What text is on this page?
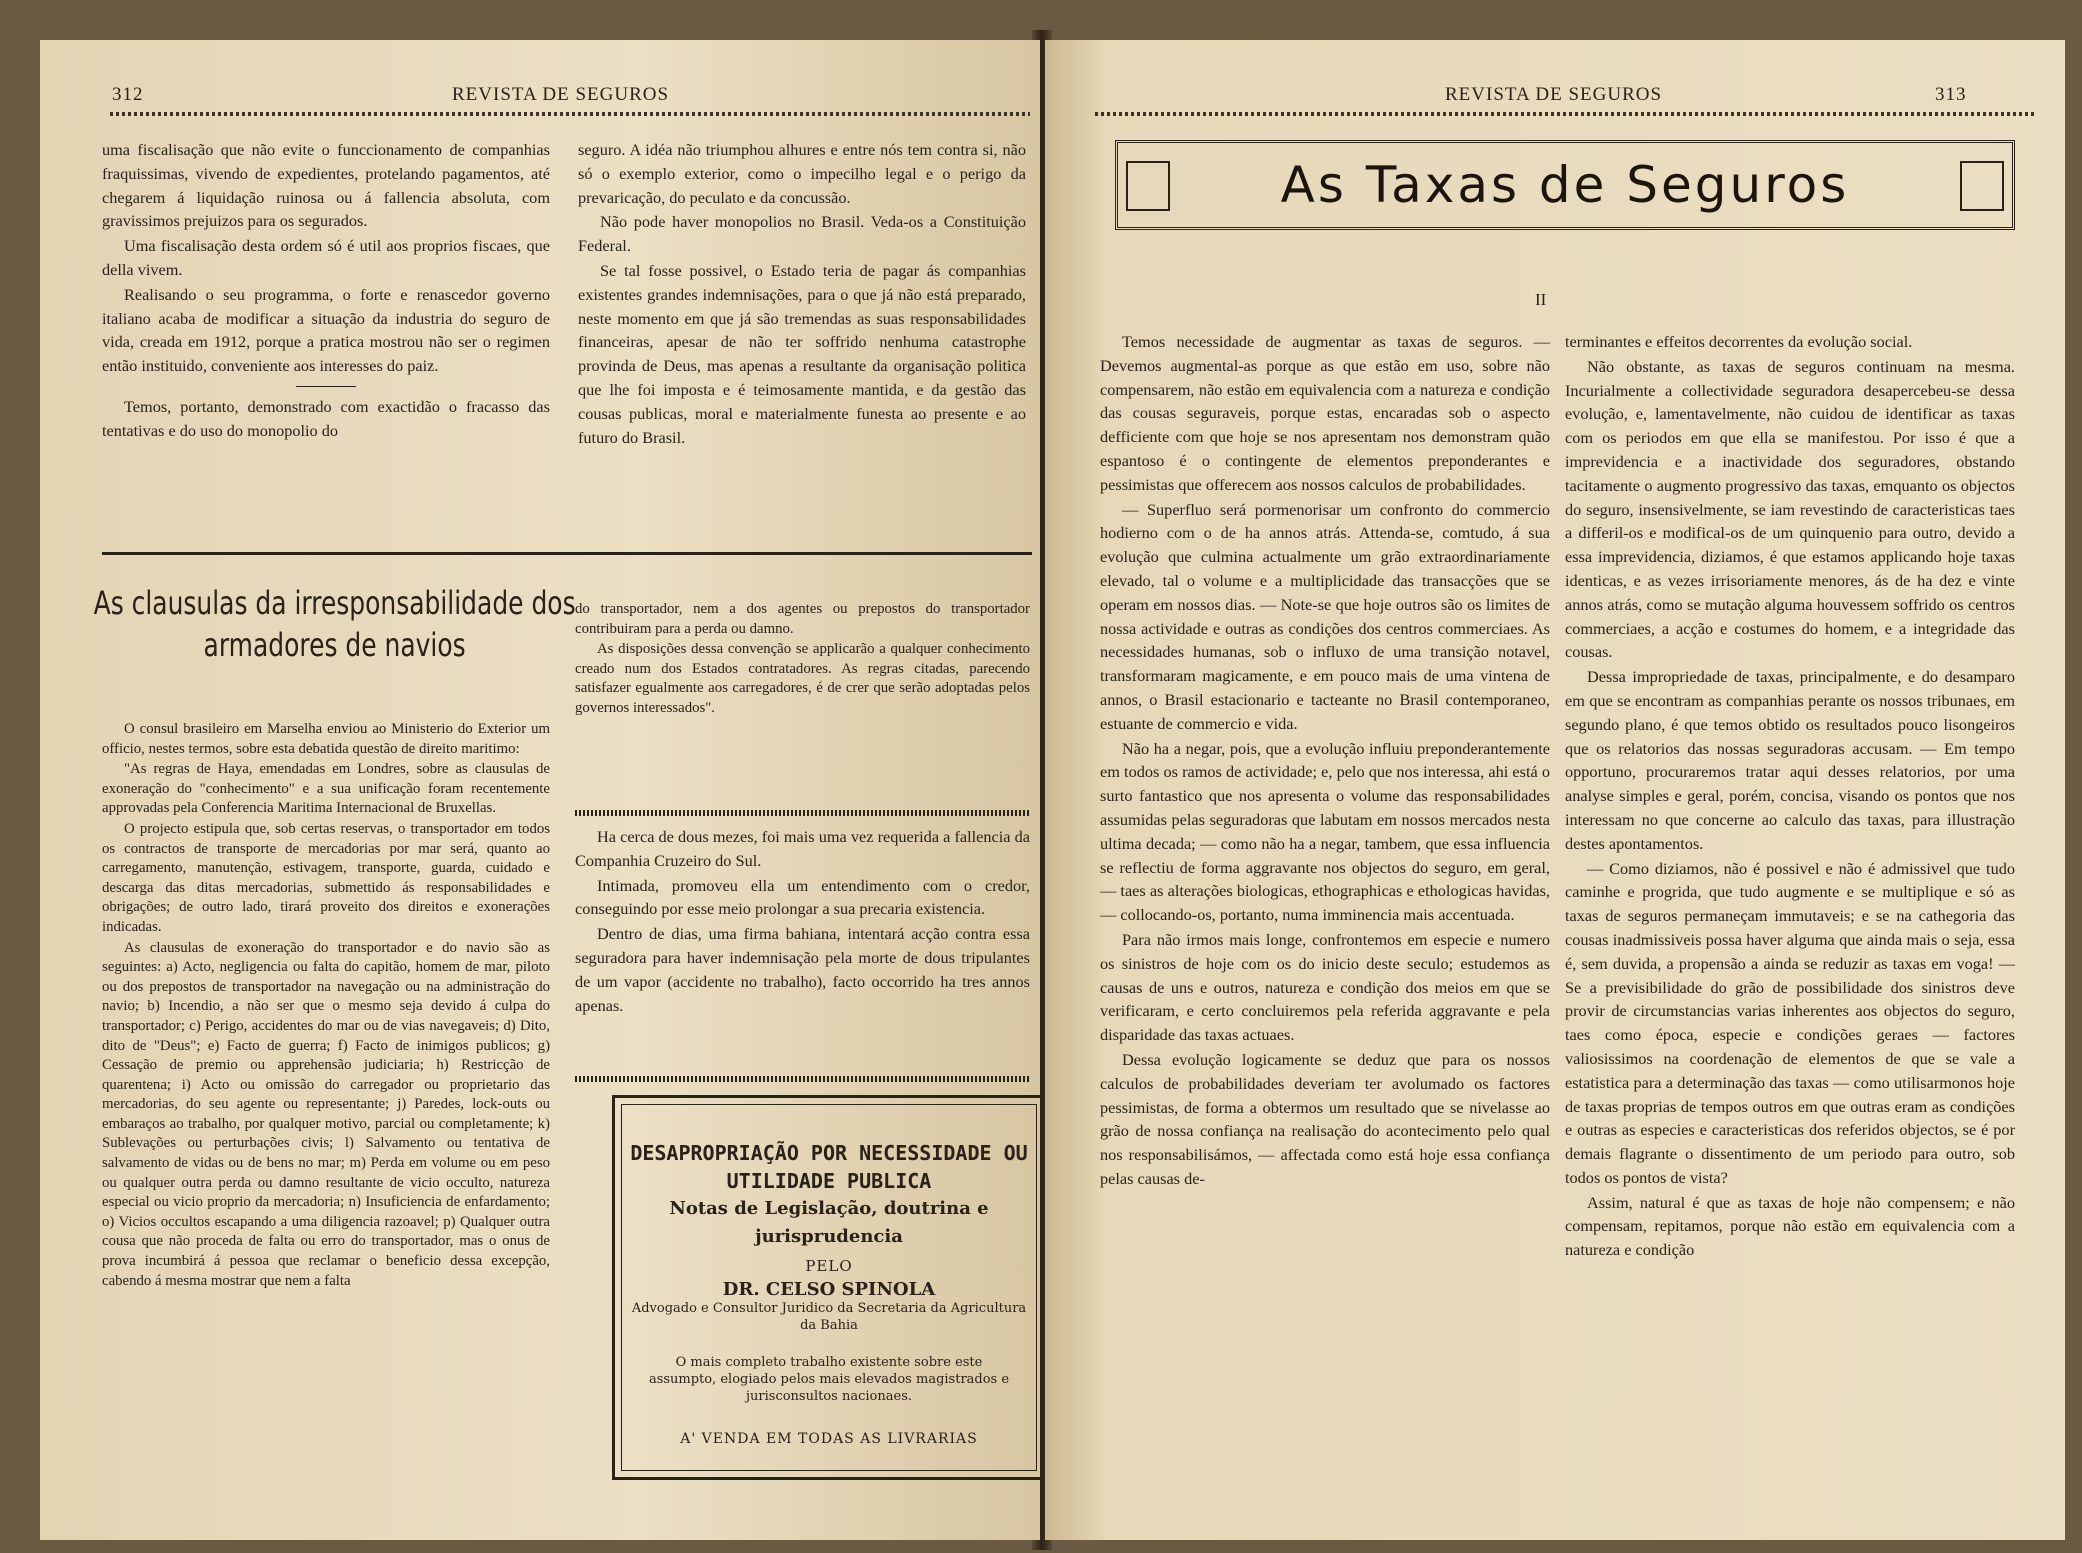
312	REVISTA DE SEGUROS

uma fiscalisação que não evite o funccionamento de companhias fraquissimas, vivendo de expedientes, protelando pagamentos, até chegarem á liquidação ruinosa ou á fallencia absoluta, com gravissimos prejuizos para os segurados.

Uma fiscalisação desta ordem só é util aos proprios fiscaes, que della vivem.

Realisando o seu programma, o forte e renascedor governo italiano acaba de modificar a situação da industria do seguro de vida, creada em 1912, porque a pratica mostrou não ser o regimen então instituido, conveniente aos interesses do paiz.

Temos, portanto, demonstrado com exactidão o fracasso das tentativas e do uso do monopolio do

seguro. A idéa não triumphou alhures e entre nós tem contra si, não só o exemplo exterior, como o impecilho legal e o perigo da prevaricação, do peculato e da concussão.

Não pode haver monopolios no Brasil. Veda-os a Constituição Federal.

Se tal fosse possivel, o Estado teria de pagar ás companhias existentes grandes indemnisações, para o que já não está preparado, neste momento em que já são tremendas as suas responsabilidades financeiras, apesar de não ter soffrido nenhuma catastrophe provinda de Deus, mas apenas a resultante da organisação politica que lhe foi imposta e é teimosamente mantida, e da gestão das cousas publicas, moral e materialmente funesta ao presente e ao futuro do Brasil.

As clausulas da irresponsabilidade dos armadores de navios

O consul brasileiro em Marselha enviou ao Ministerio do Exterior um officio, nestes termos, sobre esta debatida questão de direito maritimo:

"As regras de Haya, emendadas em Londres, sobre as clausulas de exoneração do "conhecimento" e a sua unificação foram recentemente approvadas pela Conferencia Maritima Internacional de Bruxellas.

O projecto estipula que, sob certas reservas, o transportador em todos os contractos de transporte de mercadorias por mar será, quanto ao carregamento, manutenção, estivagem, transporte, guarda, cuidado e descarga das ditas mercadorias, submettido ás responsabilidades e obrigações; de outro lado, tirará proveito dos direitos e exonerações indicadas.

As clausulas de exoneração do transportador e do navio são as seguintes: a) Acto, negligencia ou falta do capitão, homem de mar, piloto ou dos prepostos de transportador na navegação ou na administração do navio; b) Incendio, a não ser que o mesmo seja devido á culpa do transportador; c) Perigo, accidentes do mar ou de vias navegaveis; d) Dito, dito de "Deus"; e) Facto de guerra; f) Facto de inimigos publicos; g) Cessação de premio ou apprehensão judiciaria; h) Restricção de quarentena; i) Acto ou omissão do carregador ou proprietario das mercadorias, do seu agente ou representante; j) Paredes, lock-outs ou embaraços ao trabalho, por qualquer motivo, parcial ou completamente; k) Sublevações ou perturbações civis; l) Salvamento ou tentativa de salvamento de vidas ou de bens no mar; m) Perda em volume ou em peso ou qualquer outra perda ou damno resultante de vicio occulto, natureza especial ou vicio proprio da mercadoria; n) Insuficiencia de enfardamento; o) Vicios occultos escapando a uma diligencia razoavel; p) Qualquer outra cousa que não proceda de falta ou erro do transportador, mas o onus de prova incumbirá á pessoa que reclamar o beneficio dessa excepção, cabendo á mesma mostrar que nem a falta

do transportador, nem a dos agentes ou prepostos do transportador contribuiram para a perda ou damno.

As disposições dessa convenção se applicarão a qualquer conhecimento creado num dos Estados contratadores. As regras citadas, parecendo satisfazer egualmente aos carregadores, é de crer que serão adoptadas pelos governos interessados".

Ha cerca de dous mezes, foi mais uma vez requerida a fallencia da Companhia Cruzeiro do Sul.

Intimada, promoveu ella um entendimento com o credor, conseguindo por esse meio prolongar a sua precaria existencia.

Dentro de dias, uma firma bahiana, intentará acção contra essa seguradora para haver indemnisação pela morte de dous tripulantes de um vapor (accidente no trabalho), facto occorrido ha tres annos apenas.

DESAPROPRIAÇÃO POR NECESSIDADE OU UTILIDADE PUBLICA
Notas de Legislação, doutrina e jurisprudencia
PELO
DR. CELSO SPINOLA
Advogado e Consultor Juridico da Secretaria da Agricultura da Bahia
O mais completo trabalho existente sobre este assumpto, elogiado pelos mais elevados magistrados e jurisconsultos nacionaes.
A' VENDA EM TODAS AS LIVRARIAS
REVISTA DE SEGUROS	313
As Taxas de Seguros
II

Temos necessidade de augmentar as taxas de seguros. — Devemos augmental-as porque as que estão em uso, sobre não compensarem, não estão em equivalencia com a natureza e condição das cousas seguraveis, porque estas, encaradas sob o aspecto defficiente com que hoje se nos apresentam nos demonstram quão espantoso é o contingente de elementos preponderantes e pessimistas que offerecem aos nossos calculos de probabilidades.

— Superfluo será pormenorisar um confronto do commercio hodierno com o de ha annos atrás. Attenda-se, comtudo, á sua evolução que culmina actualmente um grão extraordinariamente elevado, tal o volume e a multiplicidade das transacções que se operam em nossos dias. — Note-se que hoje outros são os limites de nossa actividade e outras as condições dos centros commerciaes. As necessidades humanas, sob o influxo de uma transição notavel, transformaram magicamente, e em pouco mais de uma vintena de annos, o Brasil estacionario e tacteante no Brasil contemporaneo, estuante de commercio e vida.

Não ha a negar, pois, que a evolução influiu preponderantemente em todos os ramos de actividade; e, pelo que nos interessa, ahi está o surto fantastico que nos apresenta o volume das responsabilidades assumidas pelas seguradoras que labutam em nossos mercados nesta ultima decada; — como não ha a negar, tambem, que essa influencia se reflectiu de forma aggravante nos objectos do seguro, em geral, — taes as alterações biologicas, ethographicas e ethologicas havidas, — collocando-os, portanto, numa imminencia mais accentuada.

Para não irmos mais longe, confrontemos em especie e numero os sinistros de hoje com os do inicio deste seculo; estudemos as causas de uns e outros, natureza e condição dos meios em que se verificaram, e certo concluiremos pela referida aggravante e pela disparidade das taxas actuaes.

Dessa evolução logicamente se deduz que para os nossos calculos de probabilidades deveriam ter avolumado os factores pessimistas, de forma a obtermos um resultado que se nivelasse ao grão de nossa confiança na realisação do acontecimento pelo qual nos responsabilisámos, — affectada como está hoje essa confiança pelas causas de-

terminantes e effeitos decorrentes da evolução social.

Não obstante, as taxas de seguros continuam na mesma. Incurialmente a collectividade seguradora desapercebeu-se dessa evolução, e, lamentavelmente, não cuidou de identificar as taxas com os periodos em que ella se manifestou. Por isso é que a imprevidencia e a inactividade dos seguradores, obstando tacitamente o augmento progressivo das taxas, emquanto os objectos do seguro, insensivelmente, se iam revestindo de caracteristicas taes a differil-os e modifical-os de um quinquenio para outro, devido a essa imprevidencia, diziamos, é que estamos applicando hoje taxas identicas, e as vezes irrisoriamente menores, ás de ha dez e vinte annos atrás, como se mutação alguma houvessem soffrido os centros commerciaes, a acção e costumes do homem, e a integridade das cousas.

Dessa impropriedade de taxas, principalmente, e do desamparo em que se encontram as companhias perante os nossos tribunaes, em segundo plano, é que temos obtido os resultados pouco lisongeiros que os relatorios das nossas seguradoras accusam. — Em tempo opportuno, procuraremos tratar aqui desses relatorios, por uma analyse simples e geral, porém, concisa, visando os pontos que nos interessam no que concerne ao calculo das taxas, para illustração destes apontamentos.

— Como diziamos, não é possivel e não é admissivel que tudo caminhe e progrida, que tudo augmente e se multiplique e só as taxas de seguros permaneçam immutaveis; e se na cathegoria das cousas inadmissiveis possa haver alguma que ainda mais o seja, essa é, sem duvida, a propensão a ainda se reduzir as taxas em voga! — Se a previsibilidade do grão de possibilidade dos sinistros deve provir de circumstancias varias inherentes aos objectos do seguro, taes como época, especie e condições geraes — factores valiosissimos na coordenação de elementos de que se vale a estatistica para a determinação das taxas — como utilisarmonos hoje de taxas proprias de tempos outros em que outras eram as condições e outras as especies e caracteristicas dos referidos objectos, se é por demais flagrante o dissentimento de um periodo para outro, sob todos os pontos de vista?

Assim, natural é que as taxas de hoje não compensem; e não compensam, repitamos, porque não estão em equivalencia com a natureza e condição
